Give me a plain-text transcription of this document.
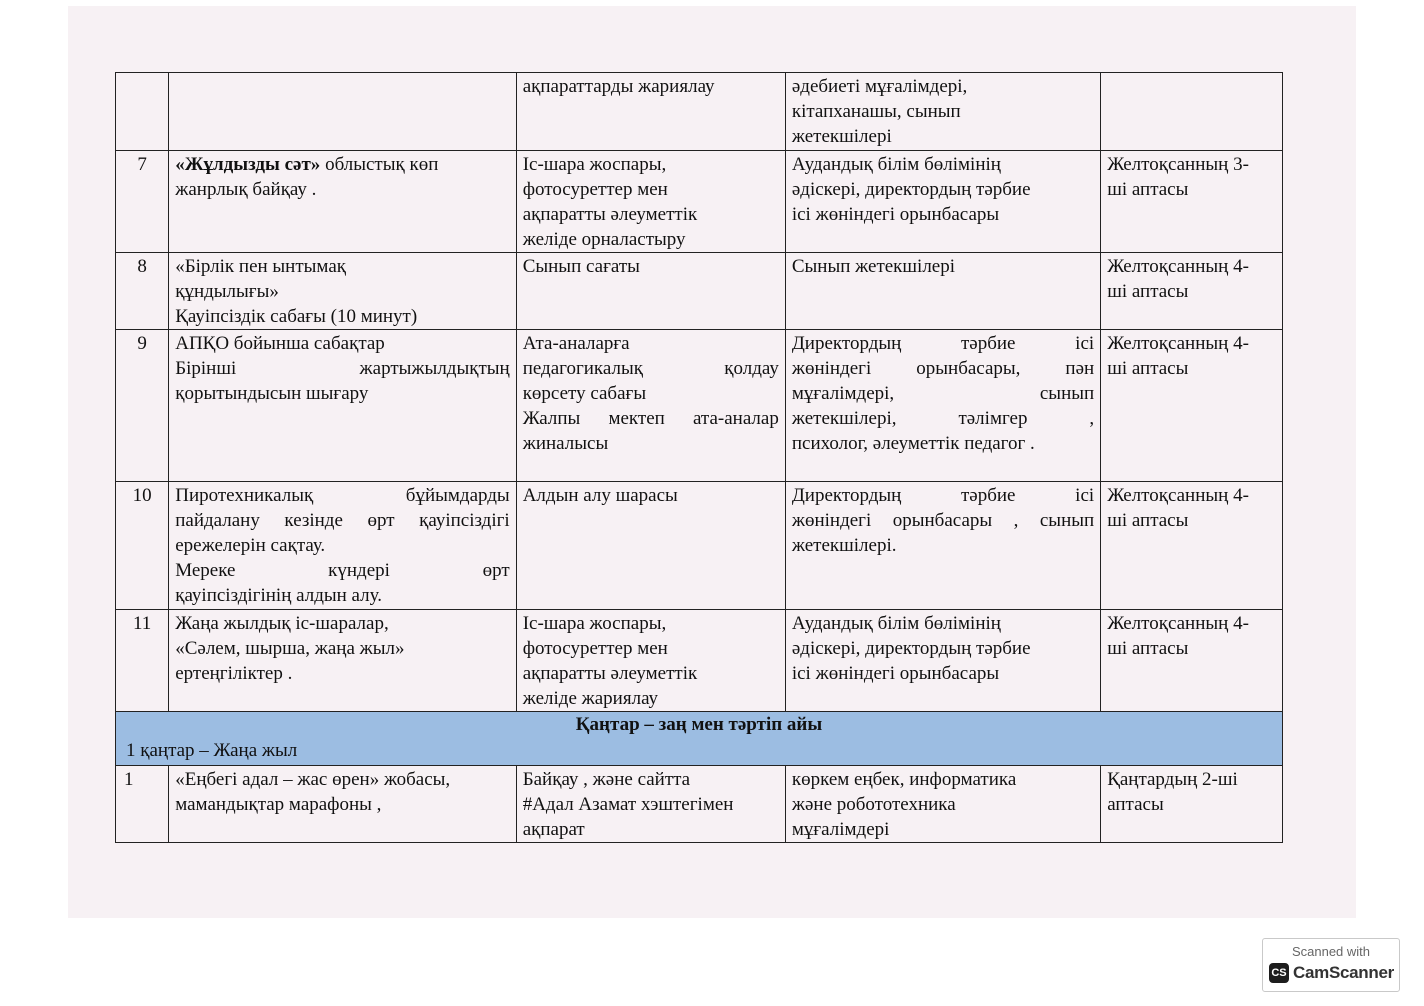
		ақпараттарды жариялау	әдебиеті мұғалімдері,
кітапханашы, сынып
жетекшілері	

7	«Жұлдызды сәт» облыстық көп жанрлық байқау .	Іс-шара жоспары,
фотосуреттер мен
ақпаратты әлеуметтік
желіде орналастыру	Аудандық білім бөлімінің
әдіскері, директордың тәрбие
ісі жөніндегі орынбасары	Желтоқсанның 3-
ші аптасы

8	«Бірлік пен ынтымақ
құндылығы»
Қауіпсіздік сабағы (10 минут)	Сынып сағаты	Сынып жетекшілері	Желтоқсанның 4-
ші аптасы

9	АПҚО бойынша сабақтар
Бірінші жартыжылдықтың
қорытындысын шығару	Ата-аналарға
педагогикалық қолдау
көрсету сабағы
Жалпы мектеп ата-аналар
жиналысы	Директордың тәрбие ісі
жөніндегі орынбасары, пән
мұғалімдері, сынып
жетекшілері, тәлімгер ,
психолог, әлеуметтік педагог .	Желтоқсанның 4-
ші аптасы

10	Пиротехникалық бұйымдарды
пайдалану кезінде өрт қауіпсіздігі
ережелерін сақтау.
Мереке күндері өрт
қауіпсіздігінің алдын алу.	Алдын алу шарасы	Директордың тәрбие ісі
жөніндегі орынбасары , сынып
жетекшілері.	Желтоқсанның 4-
ші аптасы

11	Жаңа жылдық іс-шаралар,
«Сәлем, шырша, жаңа жыл»
ертеңгіліктер .	Іс-шара жоспары,
фотосуреттер мен
ақпаратты әлеуметтік
желіде жариялау	Аудандық білім бөлімінің
әдіскері, директордың тәрбие
ісі жөніндегі орынбасары	Желтоқсанның 4-
ші аптасы

Қаңтар – заң мен тәртіп айы
1 қаңтар – Жаңа жыл				

1	«Еңбегі адал – жас өрен» жобасы,
мамандықтар марафоны ,	Байқау , және сайтта
#Адал Азамат хэштегімен
ақпарат	көркем еңбек, информатика
және робототехника
мұғалімдері	Қаңтардың 2-ші
аптасы
Scanned with
CS CamScanner
